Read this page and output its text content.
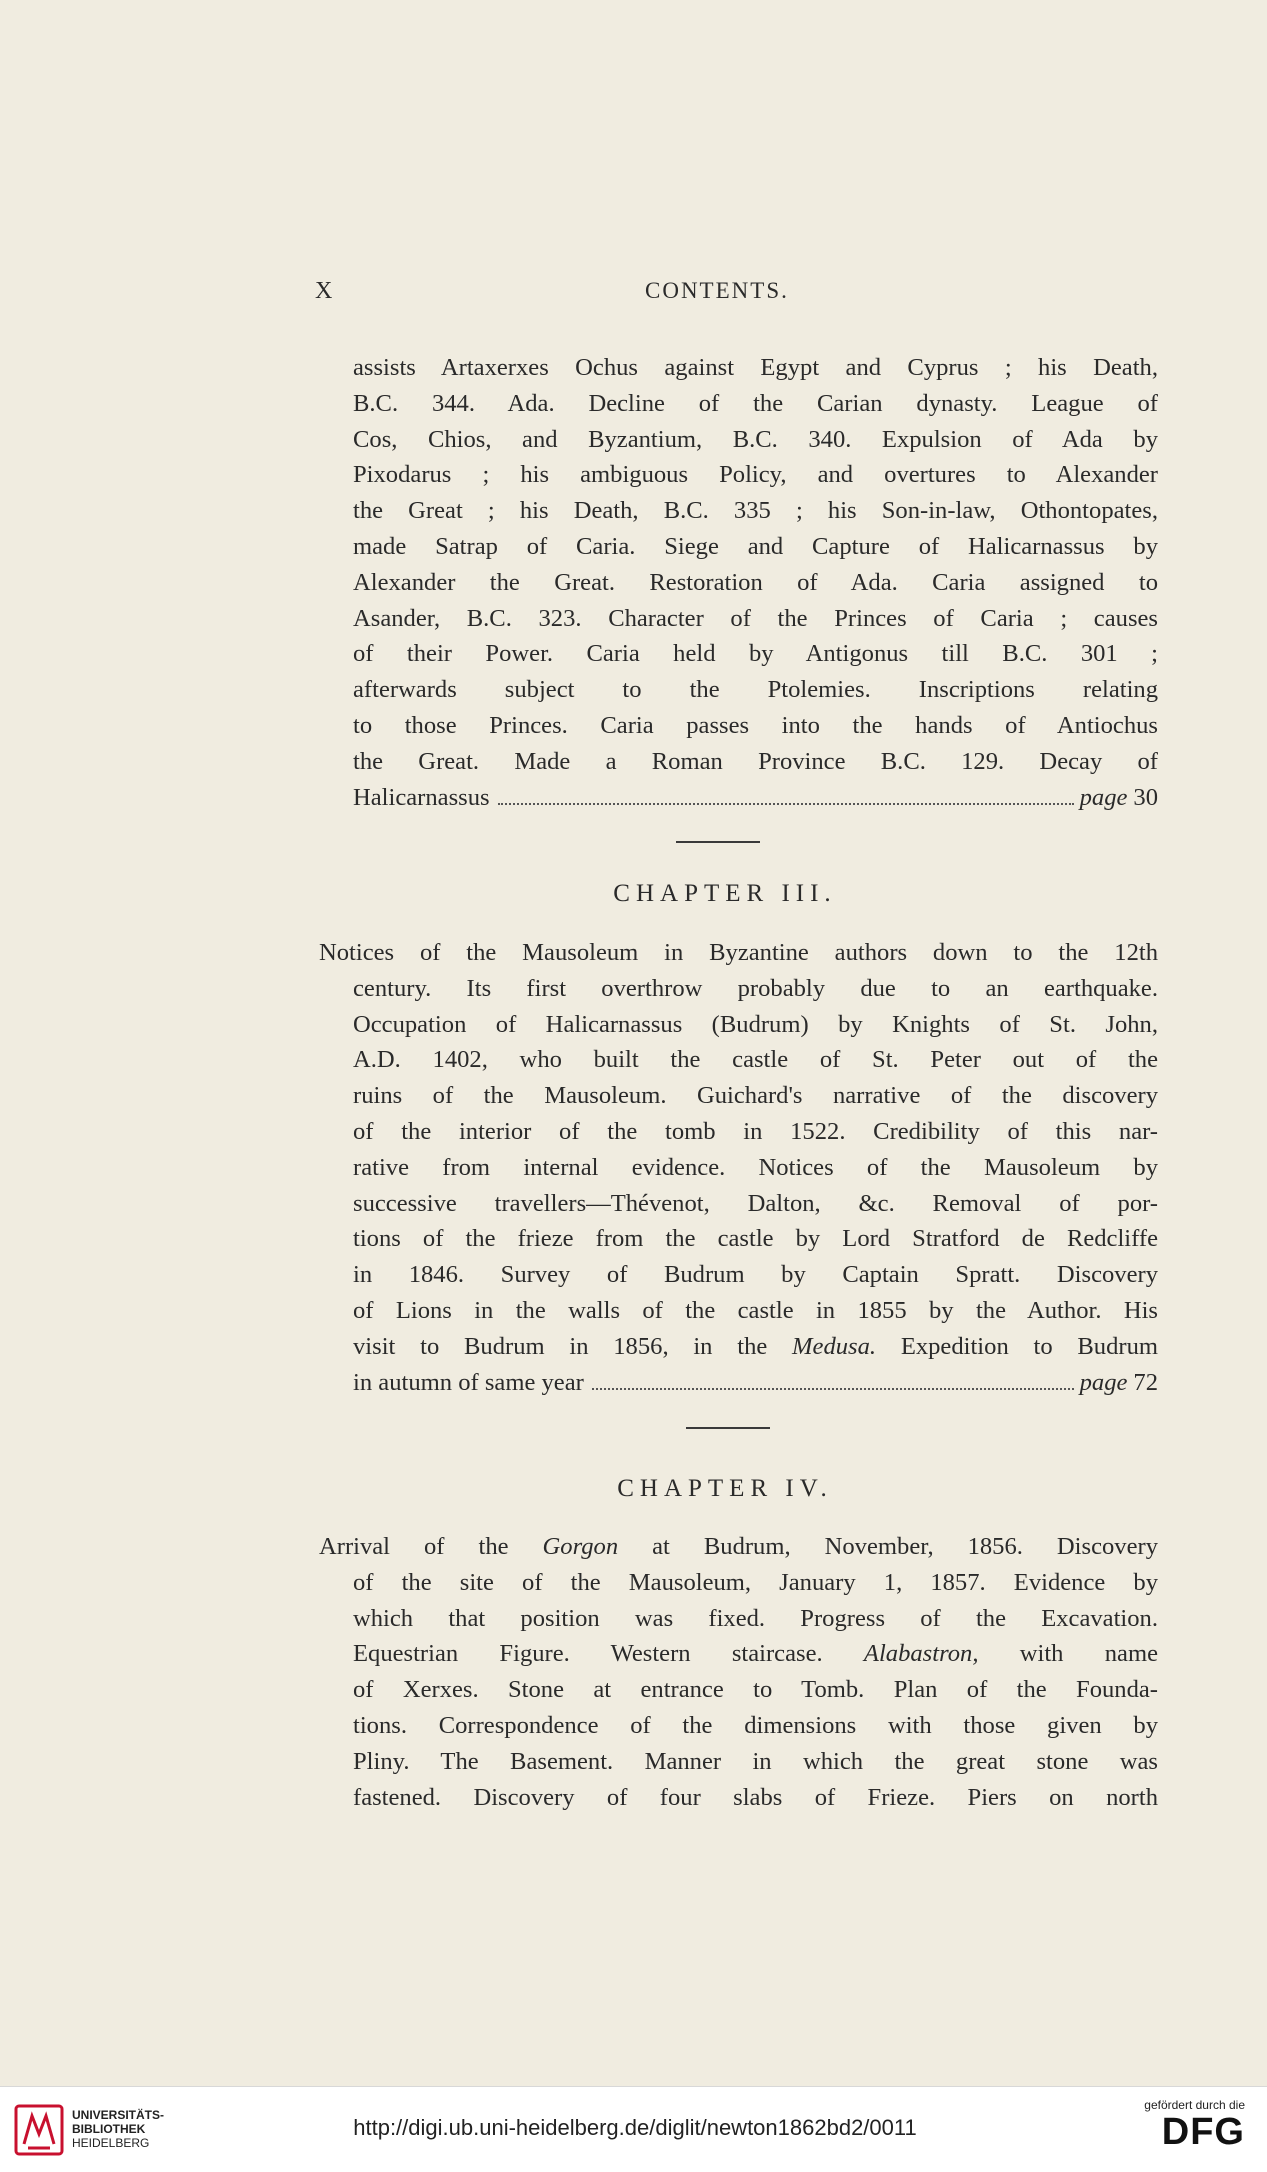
X	CONTENTS.
assists Artaxerxes Ochus against Egypt and Cyprus ; his Death,
B.C. 344. Ada. Decline of the Carian dynasty. League of
Cos, Chios, and Byzantium, B.C. 340. Expulsion of Ada by
Pixodarus ; his ambiguous Policy, and overtures to Alexander
the Great ; his Death, B.C. 335 ; his Son-in-law, Othontopates,
made Satrap of Caria. Siege and Capture of Halicarnassus by
Alexander the Great. Restoration of Ada. Caria assigned to
Asander, B.C. 323. Character of the Princes of Caria ; causes
of their Power. Caria held by Antigonus till B.C. 301 ;
afterwards subject to the Ptolemies. Inscriptions relating
to those Princes. Caria passes into the hands of Antiochus
the Great. Made a Roman Province B.C. 129. Decay of
Halicarnassus	page 30
CHAPTER III.
Notices of the Mausoleum in Byzantine authors down to the 12th
century. Its first overthrow probably due to an earthquake.
Occupation of Halicarnassus (Budrum) by Knights of St. John,
A.D. 1402, who built the castle of St. Peter out of the
ruins of the Mausoleum. Guichard's narrative of the discovery
of the interior of the tomb in 1522. Credibility of this nar-
rative from internal evidence. Notices of the Mausoleum by
successive travellers—Thévenot, Dalton, &c. Removal of por-
tions of the frieze from the castle by Lord Stratford de Redcliffe
in 1846. Survey of Budrum by Captain Spratt. Discovery
of Lions in the walls of the castle in 1855 by the Author. His
visit to Budrum in 1856, in the Medusa. Expedition to Budrum
in autumn of same year	page 72
CHAPTER IV.
Arrival of the Gorgon at Budrum, November, 1856. Discovery
of the site of the Mausoleum, January 1, 1857. Evidence by
which that position was fixed. Progress of the Excavation.
Equestrian Figure. Western staircase. Alabastron, with name
of Xerxes. Stone at entrance to Tomb. Plan of the Founda-
tions. Correspondence of the dimensions with those given by
Pliny. The Basement. Manner in which the great stone was
fastened. Discovery of four slabs of Frieze. Piers on north
UNIVERSITÄTS-
BIBLIOTHEK
HEIDELBERG
http://digi.ub.uni-heidelberg.de/diglit/newton1862bd2/0011
gefördert durch die
DFG
